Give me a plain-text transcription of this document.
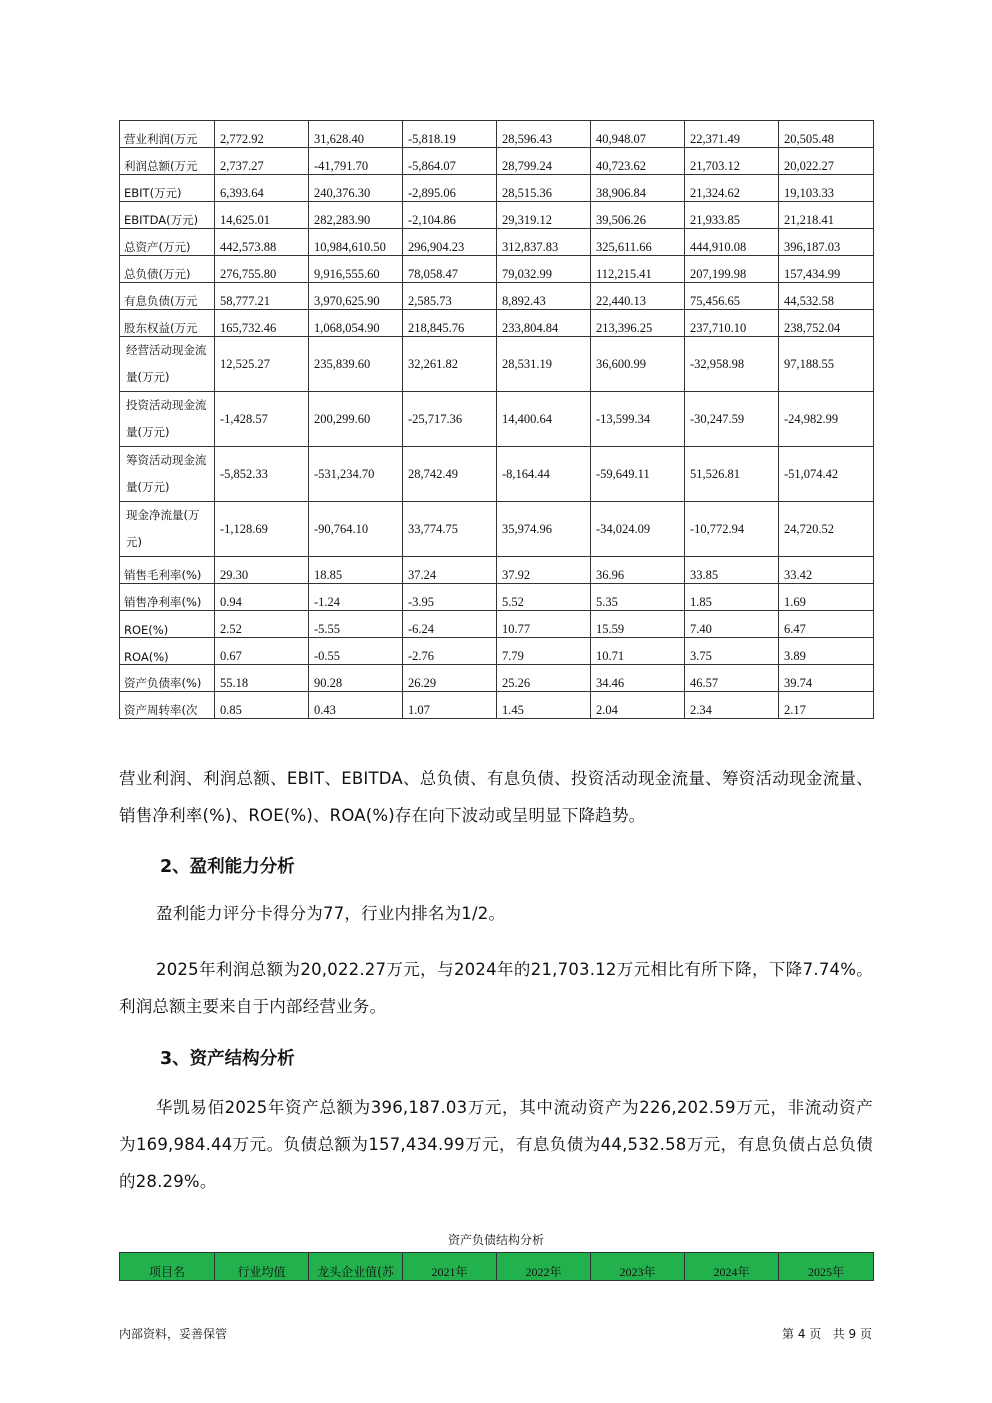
营业利润(万元	2,772.92	31,628.40	-5,818.19	28,596.43	40,948.07	22,371.49	20,505.48
利润总额(万元	2,737.27	-41,791.70	-5,864.07	28,799.24	40,723.62	21,703.12	20,022.27
EBIT(万元)	6,393.64	240,376.30	-2,895.06	28,515.36	38,906.84	21,324.62	19,103.33
EBITDA(万元)	14,625.01	282,283.90	-2,104.86	29,319.12	39,506.26	21,933.85	21,218.41
总资产(万元)	442,573.88	10,984,610.50	296,904.23	312,837.83	325,611.66	444,910.08	396,187.03
总负债(万元)	276,755.80	9,916,555.60	78,058.47	79,032.99	112,215.41	207,199.98	157,434.99
有息负债(万元	58,777.21	3,970,625.90	2,585.73	8,892.43	22,440.13	75,456.65	44,532.58
股东权益(万元	165,732.46	1,068,054.90	218,845.76	233,804.84	213,396.25	237,710.10	238,752.04
经营活动现金流量(万元)	12,525.27	235,839.60	32,261.82	28,531.19	36,600.99	-32,958.98	97,188.55
投资活动现金流量(万元)	-1,428.57	200,299.60	-25,717.36	14,400.64	-13,599.34	-30,247.59	-24,982.99
筹资活动现金流量(万元)	-5,852.33	-531,234.70	28,742.49	-8,164.44	-59,649.11	51,526.81	-51,074.42
现金净流量(万元)	-1,128.69	-90,764.10	33,774.75	35,974.96	-34,024.09	-10,772.94	24,720.52
销售毛利率(%)	29.30	18.85	37.24	37.92	36.96	33.85	33.42
销售净利率(%)	0.94	-1.24	-3.95	5.52	5.35	1.85	1.69
ROE(%)	2.52	-5.55	-6.24	10.77	15.59	7.40	6.47
ROA(%)	0.67	-0.55	-2.76	7.79	10.71	3.75	3.89
资产负债率(%)	55.18	90.28	26.29	25.26	34.46	46.57	39.74
资产周转率(次	0.85	0.43	1.07	1.45	2.04	2.34	2.17

营业利润、利润总额、EBIT、EBITDA、总负债、有息负债、投资活动现金流量、筹资活动现金流量、销售净利率(%)、ROE(%)、ROA(%)存在向下波动或呈明显下降趋势。

2、盈利能力分析

盈利能力评分卡得分为77，行业内排名为1/2。

2025年利润总额为20,022.27万元，与2024年的21,703.12万元相比有所下降，下降7.74%。利润总额主要来自于内部经营业务。

3、资产结构分析

华凯易佰2025年资产总额为396,187.03万元，其中流动资产为226,202.59万元，非流动资产为169,984.44万元。负债总额为157,434.99万元，有息负债为44,532.58万元，有息负债占总负债的28.29%。

资产负债结构分析
项目名	行业均值	龙头企业值(苏	2021年	2022年	2023年	2024年	2025年
内部资料，妥善保管	第 4 页   共 9 页
